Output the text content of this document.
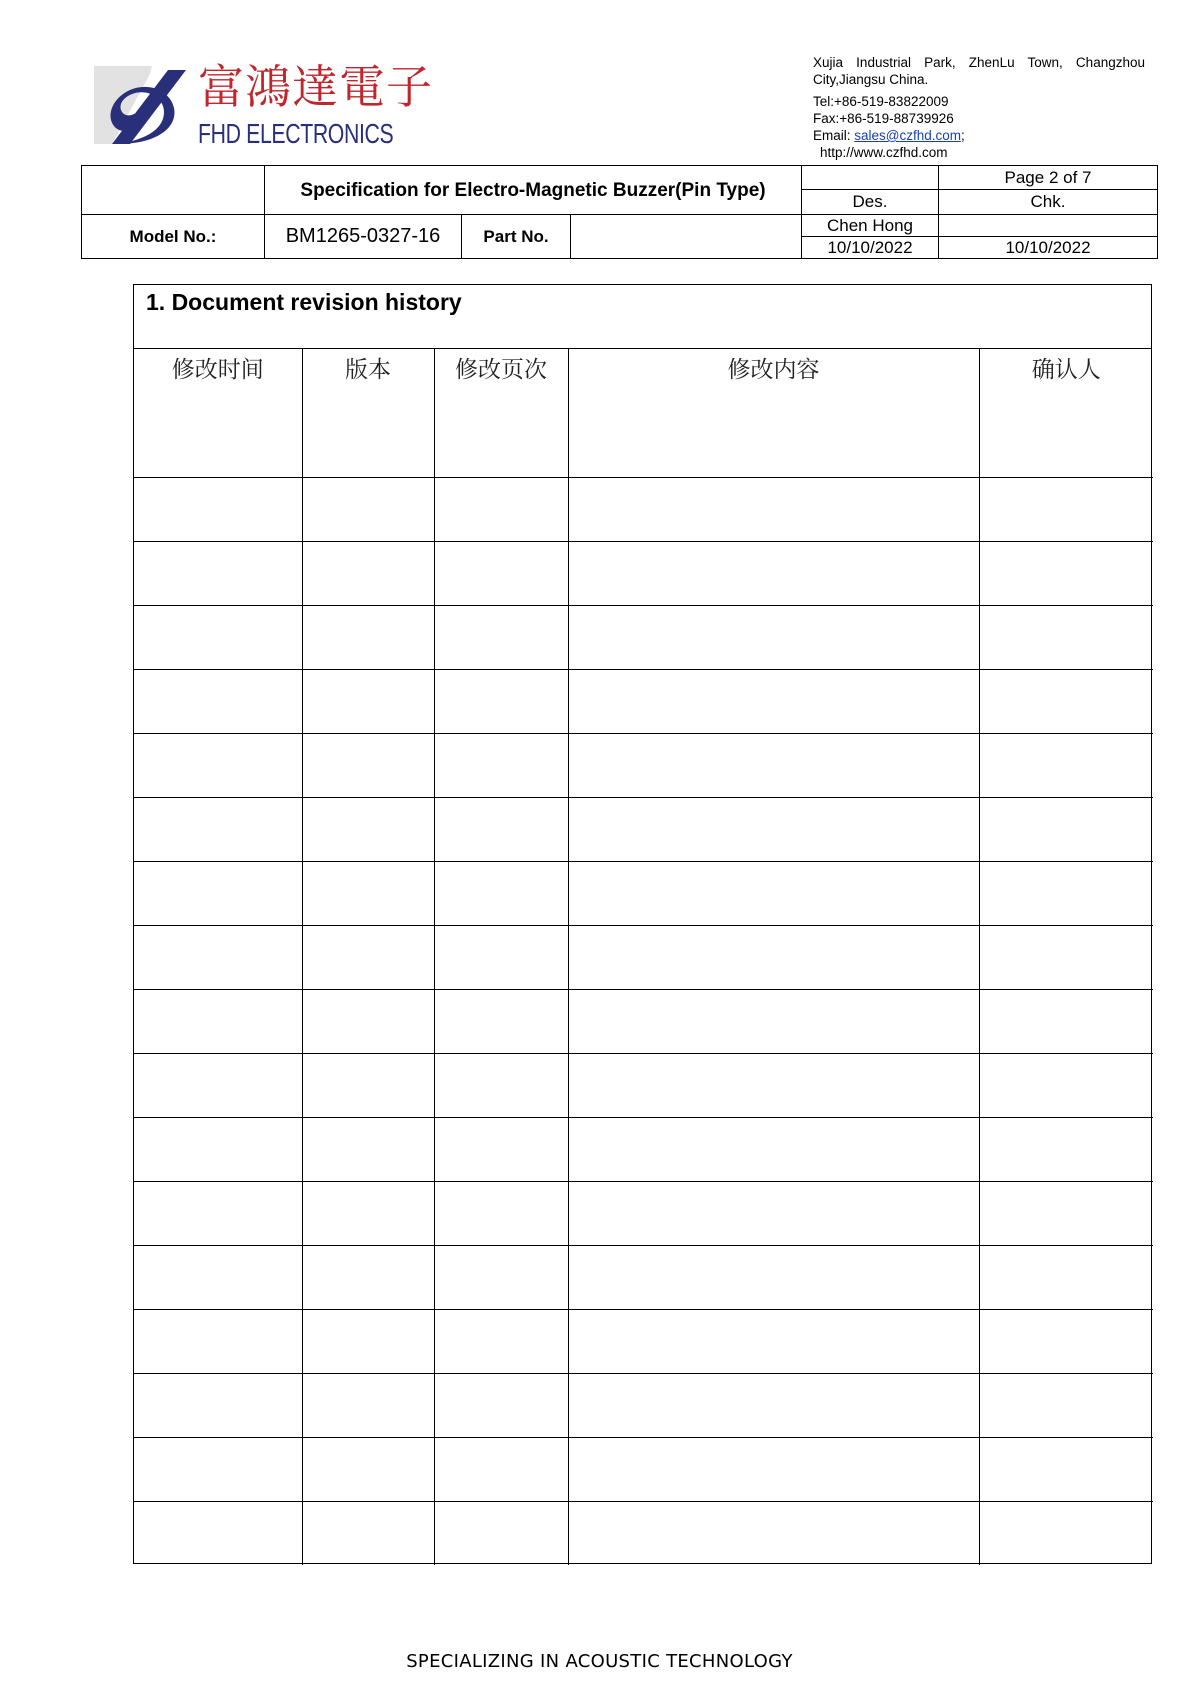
富鴻達電子
FHD ELECTRONICS
Xujia Industrial Park, ZhenLu Town, Changzhou City,Jiangsu China.
Tel:+86-519-83822009
Fax:+86-519-88739926
Email: sales@czfhd.com;
http://www.czfhd.com
	Specification for Electro-Magnetic Buzzer(Pin Type)				Page 2 of 7
				Des.	Chk.
Model No.:	BM1265-0327-16	Part No.		Chen Hong	
				10/10/2022	10/10/2022
1. Document revision history
修改时间	版本	修改页次	修改内容	确认人

SPECIALIZING IN ACOUSTIC TECHNOLOGY
